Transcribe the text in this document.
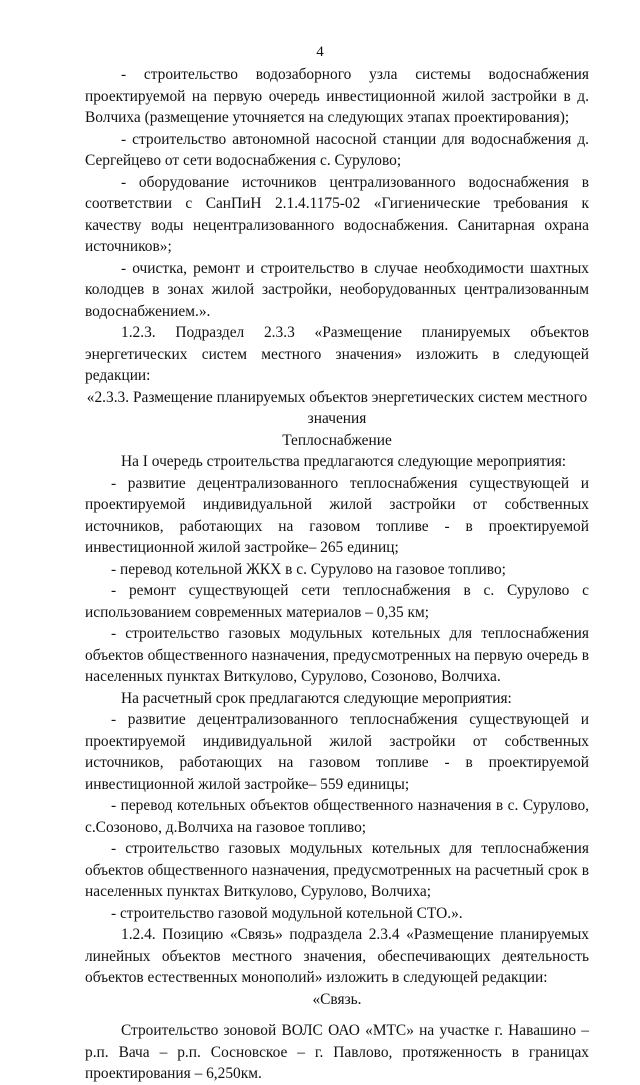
4

- строительство водозаборного узла системы водоснабжения проектируемой на первую очередь инвестиционной жилой застройки в д. Волчиха (размещение уточняется на следующих этапах проектирования);

- строительство автономной насосной станции для водоснабжения д. Сергейцево от сети водоснабжения с. Сурулово;

- оборудование источников централизованного водоснабжения в соответствии с СанПиН 2.1.4.1175-02 «Гигиенические требования к качеству воды нецентрализованного водоснабжения. Санитарная охрана источников»;

- очистка, ремонт и строительство в случае необходимости шахтных колодцев в зонах жилой застройки, необорудованных централизованным водоснабжением.».

1.2.3. Подраздел 2.3.3 «Размещение планируемых объектов энергетических систем местного значения» изложить в следующей редакции:

«2.3.3. Размещение планируемых объектов энергетических систем местного значения

Теплоснабжение

На I очередь строительства предлагаются следующие мероприятия:

- развитие децентрализованного теплоснабжения существующей и проектируемой индивидуальной жилой застройки от собственных источников, работающих на газовом топливе - в проектируемой инвестиционной жилой застройке– 265 единиц;

- перевод котельной ЖКХ в с. Сурулово на газовое топливо;

- ремонт существующей сети теплоснабжения в с. Сурулово с использованием современных материалов – 0,35 км;

- строительство газовых модульных котельных для теплоснабжения объектов общественного назначения, предусмотренных на первую очередь в населенных пунктах Виткулово, Сурулово, Созоново, Волчиха.

На расчетный срок предлагаются следующие мероприятия:

- развитие децентрализованного теплоснабжения существующей и проектируемой индивидуальной жилой застройки от собственных источников, работающих на газовом топливе - в проектируемой инвестиционной жилой застройке– 559 единицы;

- перевод котельных объектов общественного назначения в с. Сурулово, с.Созоново, д.Волчиха на газовое топливо;

- строительство газовых модульных котельных для теплоснабжения объектов общественного назначения, предусмотренных на расчетный срок в населенных пунктах Виткулово, Сурулово, Волчиха;

- строительство газовой модульной котельной СТО.».

1.2.4. Позицию «Связь» подраздела 2.3.4 «Размещение планируемых линейных объектов местного значения, обеспечивающих деятельность объектов естественных монополий» изложить в следующей редакции:

«Связь.

Строительство зоновой ВОЛС ОАО «МТС» на участке г. Навашино – р.п. Вача – р.п. Сосновское – г. Павлово, протяженность в границах проектирования – 6,250км.
